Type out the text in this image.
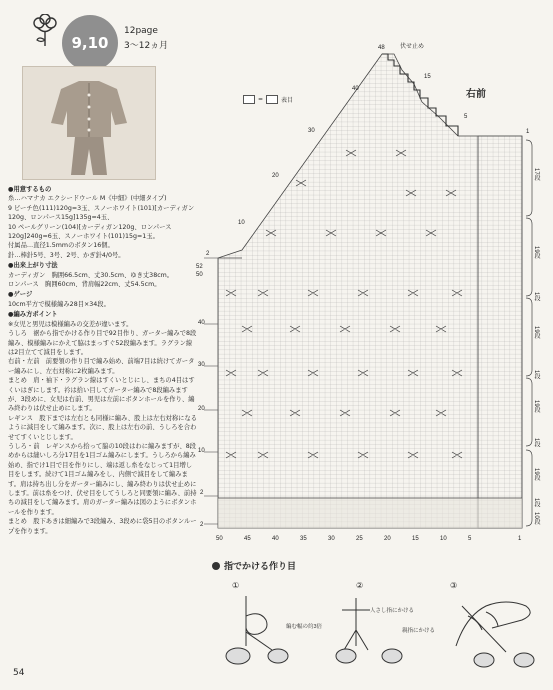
9,10
12page
3〜12ヵ月

●用意するもの

糸…ハマナカ エクシードウール M《中細》(中細タイプ)

9 ピーチ色(111)120g=3玉、スノーホワイト(101)[カーディガン120g、ロンパース15g]135g=4玉、

10 ペールグリーン(104)[カーディガン120g、ロンパース120g]240g=6玉、スノーホワイト(101)15g=1玉。

付属品…直径1.5mmのボタン16個。

針…棒針5号、3号、2号、かぎ針4/0号。

●出来上がり寸法

カーディガン　胸囲66.5cm、丈30.5cm、ゆき丈38cm。

ロンパース　胸囲60cm、背肩幅22cm、丈54.5cm。

●ゲージ

10cm平方で模様編み28目×34段。

●編み方ポイント

※女児と男児は模様編みの交差が違います。

うしろ　裾から指でかける作り目で92目作り、ガーター編みで8段編み、模様編みにかえて脇はまっすぐ52段編みます。ラグラン線は2目立てて減目をします。

右前・左前　前要領の作り目で編み始め、前端7目は続けてガーター編みにし、左右対称に2枚編みます。

まとめ　肩・袖下・ラグラン線はすくいとじにし、まちの4目はすくいはぎにします。衿は拾い目してガーター編みで8段編みますが、3段めに、女児は右前、男児は左前にボタンホールを作り、編み終わりは伏せ止めにします。

レギンス　股下までは左右とも同様に編み、股上は左右対称になるように減目をして編みます。次に、股上は左右の前、うしろを合わせてすくいとじします。

うしろ・前　レギンスから拾って脇の10段はわに編みますが、8段めからは縫いしろ分17目を1目ゴム編みにします。うしろから編み始め、指でけ1目で目を作りにし、端は返し糸をなじって1目増し目をします。続けて1目ゴム編みをし、内側で減目をして編みます。肩は持ち出し分をガーター編みにし、編み終わりは伏せ止めにします。前は糸をつけ、伏せ目をしてうしろと同要領に編み、前持ちの減目をして編みます。肩のガーター編みは図のようにボタンホールを作ります。

まとめ　股下あきは細編みで3段編み、3段めに袋5目のボタンループを作ります。

右前
=	表目
48	伏せ止め
40
30
20
10
2
52
50
40
30
20
10
2
2
15
5
1
50	45	40	35	30	25	20	15	10	5	1
17段
19段
1段
19段
1段
19段
1段
19段
1段
10段
指でかける作り目
①	②	③
編む幅の約3倍
人さし指にかける
親指にかける
54
